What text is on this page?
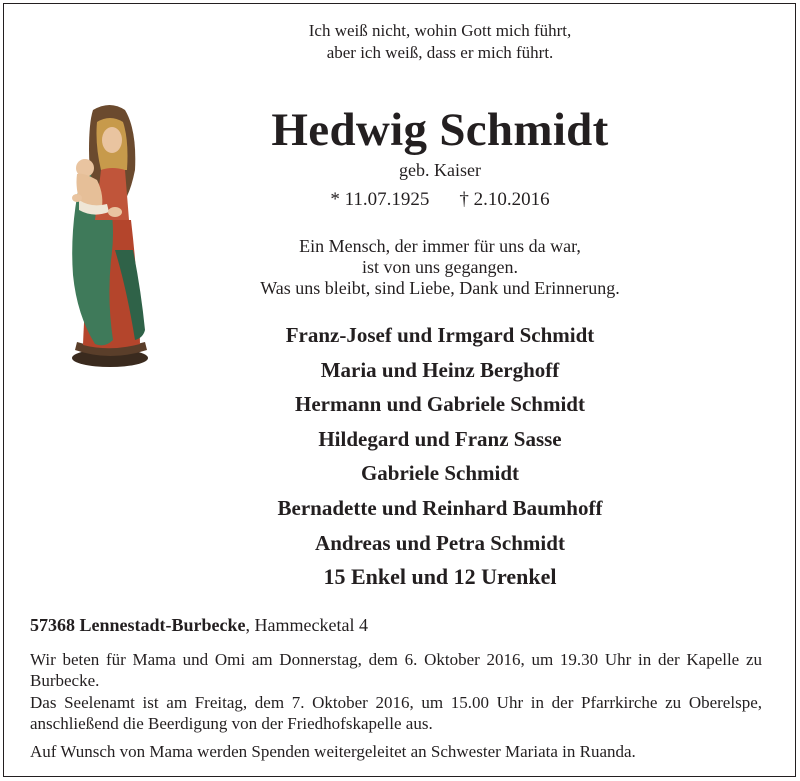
Ich weiß nicht, wohin Gott mich führt,
aber ich weiß, dass er mich führt.
Hedwig Schmidt
geb. Kaiser
* 11.07.1925 † 2.10.2016
Ein Mensch, der immer für uns da war,
ist von uns gegangen.
Was uns bleibt, sind Liebe, Dank und Erinnerung.
Franz-Josef und Irmgard Schmidt
Maria und Heinz Berghoff
Hermann und Gabriele Schmidt
Hildegard und Franz Sasse
Gabriele Schmidt
Bernadette und Reinhard Baumhoff
Andreas und Petra Schmidt
15 Enkel und 12 Urenkel
57368 Lennestadt-Burbecke, Hammecketal 4
Wir beten für Mama und Omi am Donnerstag, dem 6. Oktober 2016, um 19.30 Uhr in der Kapelle zu Burbecke.
Das Seelenamt ist am Freitag, dem 7. Oktober 2016, um 15.00 Uhr in der Pfarrkirche zu Oberelspe, anschließend die Beerdigung von der Friedhofskapelle aus.
Auf Wunsch von Mama werden Spenden weitergeleitet an Schwester Mariata in Ruanda.
